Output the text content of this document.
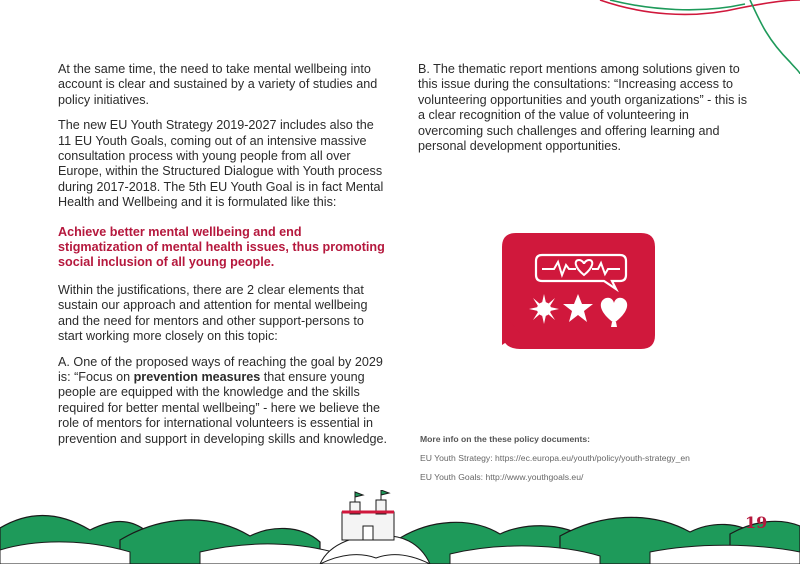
At the same time, the need to take mental wellbeing into account is clear and sustained by a variety of studies and policy initiatives.

The new EU Youth Strategy 2019-2027 includes also the 11 EU Youth Goals, coming out of an intensive massive consultation process with young people from all over Europe, within the Structured Dialogue with Youth process during 2017-2018. The 5th EU Youth Goal is in fact Mental Health and Wellbeing and it is formulated like this:

Achieve better mental wellbeing and end stigmatization of mental health issues, thus promoting social inclusion of all young people.

Within the justifications, there are 2 clear elements that sustain our approach and attention for mental wellbeing and the need for mentors and other support-persons to start working more closely on this topic:

A. One of the proposed ways of reaching the goal by 2029 is: “Focus on prevention measures that ensure young people are equipped with the knowledge and the skills required for better mental wellbeing” - here we believe the role of mentors for international volunteers is essential in prevention and support in developing skills and knowledge.

B. The thematic report mentions among solutions given to this issue during the consultations: “Increasing access to volunteering opportunities and youth organizations” - this is a clear recognition of the value of volunteering in overcoming such challenges and offering learning and personal development opportunities.

More info on the these policy documents:
EU Youth Strategy: https://ec.europa.eu/youth/policy/youth-strategy_en
EU Youth Goals: http://www.youthgoals.eu/
19
